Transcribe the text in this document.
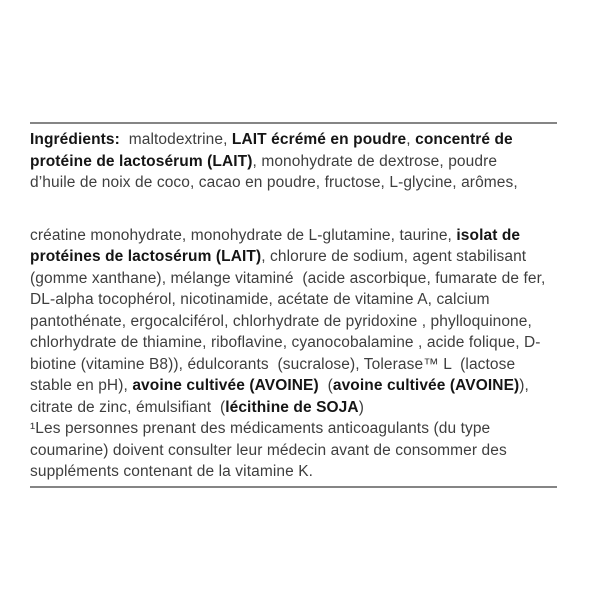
Ingrédients:  maltodextrine, LAIT écrémé en poudre, concentré de
protéine de lactosérum (LAIT), monohydrate de dextrose, poudre
d’huile de noix de coco, cacao en poudre, fructose, L-glycine, arômes,
créatine monohydrate, monohydrate de L-glutamine, taurine, isolat de
protéines de lactosérum (LAIT), chlorure de sodium, agent stabilisant
(gomme xanthane), mélange vitaminé  (acide ascorbique, fumarate de fer,
DL-alpha tocophérol, nicotinamide, acétate de vitamine A, calcium
pantothénate, ergocalciférol, chlorhydrate de pyridoxine , phylloquinone,
chlorhydrate de thiamine, riboflavine, cyanocobalamine , acide folique, D-
biotine (vitamine B8)), édulcorants  (sucralose), Tolerase™ L  (lactose
stable en pH), avoine cultivée (AVOINE)  (avoine cultivée (AVOINE)),
citrate de zinc, émulsifiant  (lécithine de SOJA)
¹Les personnes prenant des médicaments anticoagulants (du type
coumarine) doivent consulter leur médecin avant de consommer des
suppléments contenant de la vitamine K.
